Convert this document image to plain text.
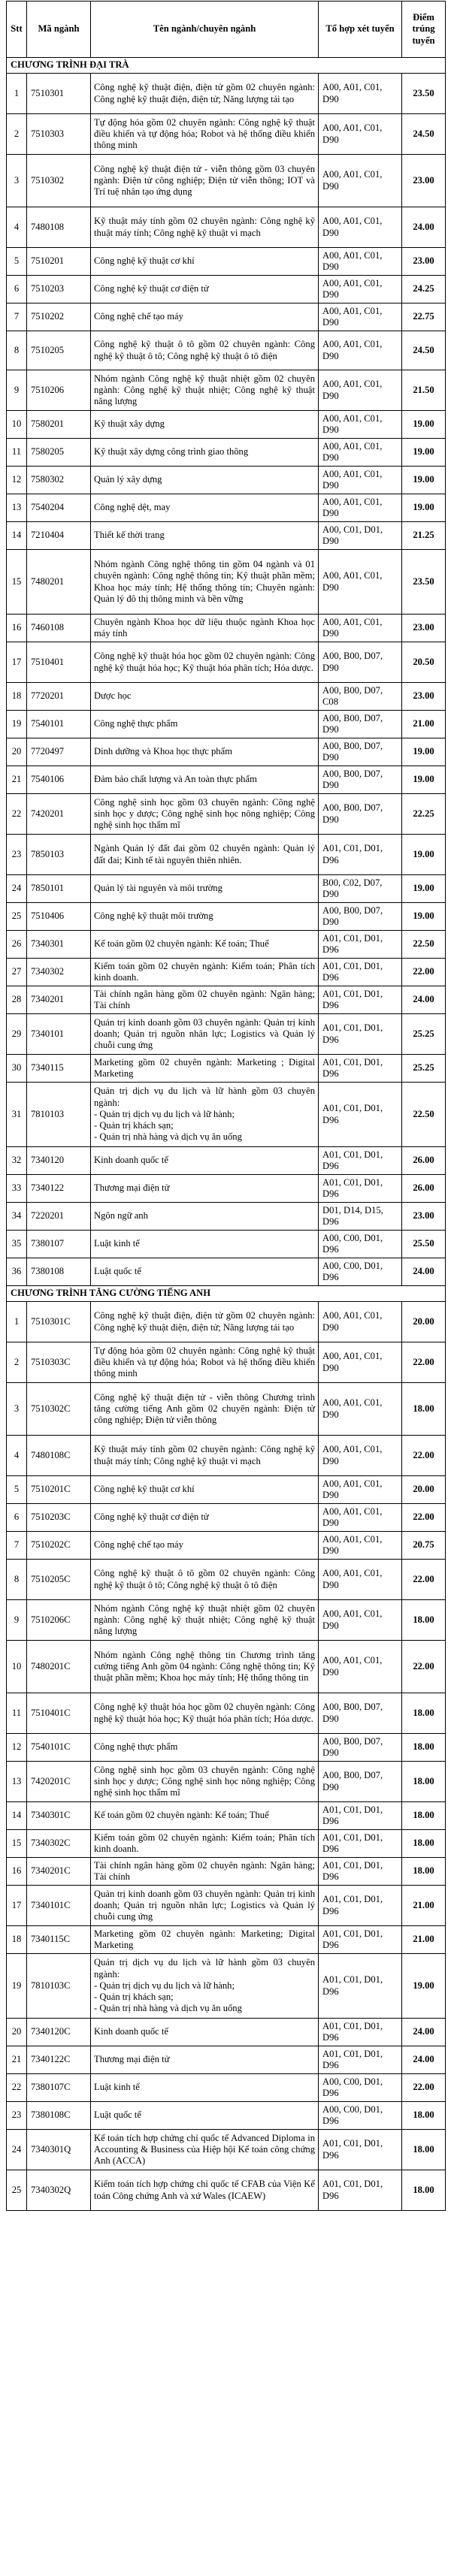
Stt	Mã ngành	Tên ngành/chuyên ngành	Tổ hợp xét tuyển	Điểm trúng tuyển
CHƯƠNG TRÌNH ĐẠI TRÀ				
1	7510301	Công nghệ kỹ thuật điện, điện tử gồm 02 chuyên ngành: Công nghệ kỹ thuật điện, điện tử; Năng lượng tái tạo	A00, A01, C01, D90	23.50
2	7510303	Tự động hóa gồm 02 chuyên ngành: Công nghệ kỹ thuật điều khiển và tự động hóa; Robot và hệ thống điều khiển thông minh	A00, A01, C01, D90	24.50
3	7510302	Công nghệ kỹ thuật điện tử - viễn thông gồm 03 chuyên ngành: Điện tử công nghiệp; Điện tử viễn thông; IOT và Trí tuệ nhân tạo ứng dụng	A00, A01, C01, D90	23.00
4	7480108	Kỹ thuật máy tính gồm 02 chuyên ngành: Công nghệ kỹ thuật máy tính; Công nghệ kỹ thuật vi mạch	A00, A01, C01, D90	24.00
5	7510201	Công nghệ kỹ thuật cơ khí	A00, A01, C01, D90	23.00
6	7510203	Công nghệ kỹ thuật cơ điện tử	A00, A01, C01, D90	24.25
7	7510202	Công nghệ chế tạo máy	A00, A01, C01, D90	22.75
8	7510205	Công nghệ kỹ thuật ô tô gồm 02 chuyên ngành: Công nghệ kỹ thuật ô tô; Công nghệ kỹ thuật ô tô điện	A00, A01, C01, D90	24.50
9	7510206	Nhóm ngành Công nghệ kỹ thuật nhiệt gồm 02 chuyên ngành: Công nghệ kỹ thuật nhiệt; Công nghệ kỹ thuật năng lượng	A00, A01, C01, D90	21.50
10	7580201	Kỹ thuật xây dựng	A00, A01, C01, D90	19.00
11	7580205	Kỹ thuật xây dựng công trình giao thông	A00, A01, C01, D90	19.00
12	7580302	Quản lý xây dựng	A00, A01, C01, D90	19.00
13	7540204	Công nghệ dệt, may	A00, A01, C01, D90	19.00
14	7210404	Thiết kế thời trang	A00, C01, D01, D90	21.25
15	7480201	Nhóm ngành Công nghệ thông tin gồm 04 ngành và 01 chuyên ngành: Công nghệ thông tin; Kỹ thuật phần mềm; Khoa học máy tính; Hệ thống thông tin; Chuyên ngành: Quản lý đô thị thông minh và bền vững	A00, A01, C01, D90	23.50
16	7460108	Chuyên ngành Khoa học dữ liệu thuộc ngành Khoa học máy tính	A00, A01, C01, D90	23.00
17	7510401	Công nghệ kỹ thuật hóa học gồm 02 chuyên ngành: Công nghệ kỹ thuật hóa học; Kỹ thuật hóa phân tích; Hóa dược.	A00, B00, D07, D90	20.50
18	7720201	Dược học	A00, B00, D07, C08	23.00
19	7540101	Công nghệ thực phẩm	A00, B00, D07, D90	21.00
20	7720497	Dinh dưỡng và Khoa học thực phẩm	A00, B00, D07, D90	19.00
21	7540106	Đảm bảo chất lượng và An toàn thực phẩm	A00, B00, D07, D90	19.00
22	7420201	Công nghệ sinh học gồm 03 chuyên ngành: Công nghệ sinh học y dược; Công nghệ sinh học nông nghiệp; Công nghệ sinh học thẩm mĩ	A00, B00, D07, D90	22.25
23	7850103	Ngành Quản lý đất đai gồm 02 chuyên ngành: Quản lý đất đai; Kinh tế tài nguyên thiên nhiên.	A01, C01, D01, D96	19.00
24	7850101	Quản lý tài nguyên và môi trường	B00, C02, D07, D90	19.00
25	7510406	Công nghệ kỹ thuật môi trường	A00, B00, D07, D90	19.00
26	7340301	Kế toán gồm 02 chuyên ngành: Kế toán; Thuế	A01, C01, D01, D96	22.50
27	7340302	Kiểm toán gồm 02 chuyên ngành: Kiểm toán; Phân tích kinh doanh.	A01, C01, D01, D96	22.00
28	7340201	Tài chính ngân hàng gồm 02 chuyên ngành: Ngân hàng; Tài chính	A01, C01, D01, D96	24.00
29	7340101	Quản trị kinh doanh gồm 03 chuyên ngành: Quản trị kinh doanh; Quản trị nguồn nhân lực; Logistics và Quản lý chuỗi cung ứng	A01, C01, D01, D96	25.25
30	7340115	Marketing gồm 02 chuyên ngành: Marketing ; Digital Marketing	A01, C01, D01, D96	25.25
31	7810103	Quản trị dịch vụ du lịch và lữ hành gồm 03 chuyên ngành:
- Quản trị dịch vụ du lịch và lữ hành;
- Quản trị khách sạn;
- Quản trị nhà hàng và dịch vụ ăn uống	A01, C01, D01, D96	22.50
32	7340120	Kinh doanh quốc tế	A01, C01, D01, D96	26.00
33	7340122	Thương mại điện tử	A01, C01, D01, D96	26.00
34	7220201	Ngôn ngữ anh	D01, D14, D15, D96	23.00
35	7380107	Luật kinh tế	A00, C00, D01, D96	25.50
36	7380108	Luật quốc tế	A00, C00, D01, D96	24.00
CHƯƠNG TRÌNH TĂNG CƯỜNG TIẾNG ANH				
1	7510301C	Công nghệ kỹ thuật điện, điện tử gồm 02 chuyên ngành: Công nghệ kỹ thuật điện, điện tử; Năng lượng tái tạo	A00, A01, C01, D90	20.00
2	7510303C	Tự động hóa gồm 02 chuyên ngành: Công nghệ kỹ thuật điều khiển và tự động hóa; Robot và hệ thống điều khiển thông minh	A00, A01, C01, D90	22.00
3	7510302C	Công nghệ kỹ thuật điện tử - viễn thông Chương trình tăng cường tiếng Anh gồm 02 chuyên ngành: Điện tử công nghiệp; Điện tử viễn thông	A00, A01, C01, D90	18.00
4	7480108C	Kỹ thuật máy tính gồm 02 chuyên ngành: Công nghệ kỹ thuật máy tính; Công nghệ kỹ thuật vi mạch	A00, A01, C01, D90	22.00
5	7510201C	Công nghệ kỹ thuật cơ khí	A00, A01, C01, D90	20.00
6	7510203C	Công nghệ kỹ thuật cơ điện tử	A00, A01, C01, D90	22.00
7	7510202C	Công nghệ chế tạo máy	A00, A01, C01, D90	20.75
8	7510205C	Công nghệ kỹ thuật ô tô gồm 02 chuyên ngành: Công nghệ kỹ thuật ô tô; Công nghệ kỹ thuật ô tô điện	A00, A01, C01, D90	22.00
9	7510206C	Nhóm ngành Công nghệ kỹ thuật nhiệt gồm 02 chuyên ngành: Công nghệ kỹ thuật nhiệt; Công nghệ kỹ thuật năng lượng	A00, A01, C01, D90	18.00
10	7480201C	Nhóm ngành Công nghệ thông tin Chương trình tăng cường tiếng Anh gồm 04 ngành: Công nghệ thông tin; Kỹ thuật phần mềm; Khoa học máy tính; Hệ thống thông tin	A00, A01, C01, D90	22.00
11	7510401C	Công nghệ kỹ thuật hóa học gồm 02 chuyên ngành: Công nghệ kỹ thuật hóa học; Kỹ thuật hóa phân tích; Hóa dược.	A00, B00, D07, D90	18.00
12	7540101C	Công nghệ thực phẩm	A00, B00, D07, D90	18.00
13	7420201C	Công nghệ sinh học gồm 03 chuyên ngành: Công nghệ sinh học y dược; Công nghệ sinh học nông nghiệp; Công nghệ sinh học thẩm mĩ	A00, B00, D07, D90	18.00
14	7340301C	Kế toán gồm 02 chuyên ngành: Kế toán; Thuế	A01, C01, D01, D96	18.00
15	7340302C	Kiểm toán gồm 02 chuyên ngành: Kiểm toán; Phân tích kinh doanh.	A01, C01, D01, D96	18.00
16	7340201C	Tài chính ngân hàng gồm 02 chuyên ngành: Ngân hàng; Tài chính	A01, C01, D01, D96	18.00
17	7340101C	Quản trị kinh doanh gồm 03 chuyên ngành: Quản trị kinh doanh; Quản trị nguồn nhân lực; Logistics và Quản lý chuỗi cung ứng	A01, C01, D01, D96	21.00
18	7340115C	Marketing gồm 02 chuyên ngành: Marketing; Digital Marketing	A01, C01, D01, D96	21.00
19	7810103C	Quản trị dịch vụ du lịch và lữ hành gồm 03 chuyên ngành:
- Quản trị dịch vụ du lịch và lữ hành;
- Quản trị khách sạn;
- Quản trị nhà hàng và dịch vụ ăn uống	A01, C01, D01, D96	19.00
20	7340120C	Kinh doanh quốc tế	A01, C01, D01, D96	24.00
21	7340122C	Thương mại điện tử	A01, C01, D01, D96	24.00
22	7380107C	Luật kinh tế	A00, C00, D01, D96	22.00
23	7380108C	Luật quốc tế	A00, C00, D01, D96	18.00
24	7340301Q	Kế toán tích hợp chứng chỉ quốc tế Advanced Diploma in Accounting & Business của Hiệp hội Kế toán công chứng Anh (ACCA)	A01, C01, D01, D96	18.00
25	7340302Q	Kiểm toán tích hợp chứng chỉ quốc tế CFAB của Viện Kế toán Công chứng Anh và xứ Wales (ICAEW)	A01, C01, D01, D96	18.00
